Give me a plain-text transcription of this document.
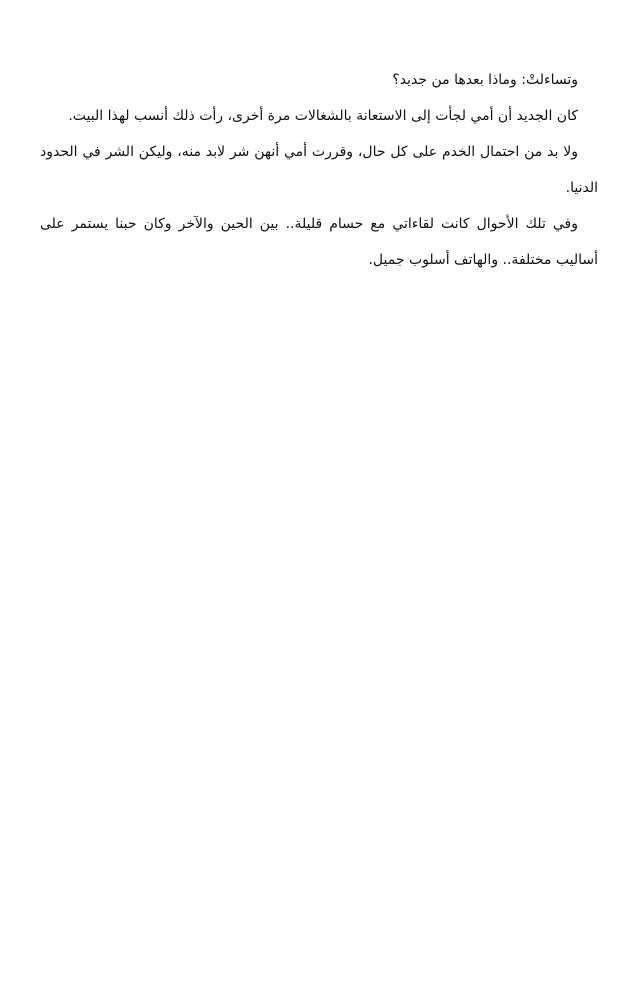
وتساءلتْ: وماذا بعدها من جديد؟

كان الجديد أن أمي لجأت إلى الاستعانة بالشغالات مرة أخرى، رأت ذلك أنسب لهذا البيت.

ولا بد من احتمال الخدم على كل حال، وقررت أمي أنهن شر لابد منه، وليكن الشر في الحدود الدنيا.

وفي تلك الأحوال كانت لقاءاتي مع حسام قليلة.. بين الحين والآخر وكان حبنا يستمر على أساليب مختلفة.. والهاتف أسلوب جميل.
